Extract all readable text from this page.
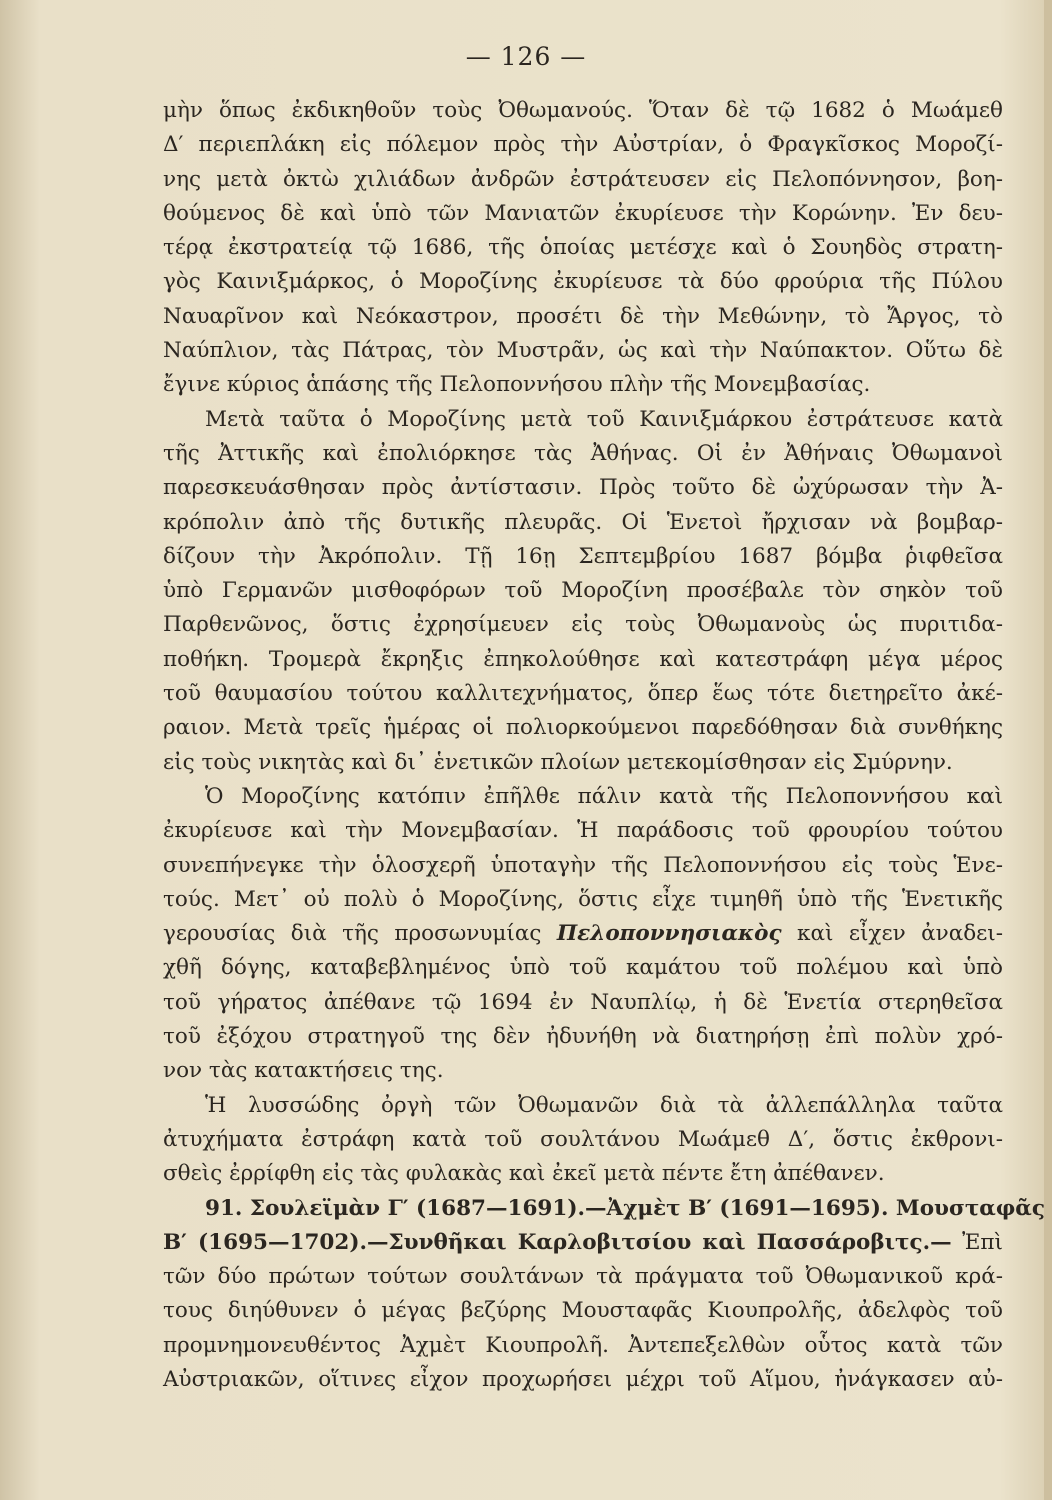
— 126 —
μὴν ὅπως ἐκδικηθοῦν τοὺς Ὀθωμανούς. Ὅταν δὲ τῷ 1682 ὁ Μωάμεθ
Δ′ περιεπλάκη εἰς πόλεμον πρὸς τὴν Αὐστρίαν, ὁ Φραγκῖσκος Μοροζί-
νης μετὰ ὀκτὼ χιλιάδων ἀνδρῶν ἐστράτευσεν εἰς Πελοπόννησον, βοη-
θούμενος δὲ καὶ ὑπὸ τῶν Μανιατῶν ἐκυρίευσε τὴν Κορώνην. Ἐν δευ-
τέρᾳ ἐκστρατείᾳ τῷ 1686, τῆς ὁποίας μετέσχε καὶ ὁ Σουηδὸς στρατη-
γὸς Καινιξμάρκος, ὁ Μοροζίνης ἐκυρίευσε τὰ δύο φρούρια τῆς Πύλου
Ναυαρῖνον καὶ Νεόκαστρον, προσέτι δὲ τὴν Μεθώνην, τὸ Ἄργος, τὸ
Ναύπλιον, τὰς Πάτρας, τὸν Μυστρᾶν, ὡς καὶ τὴν Ναύπακτον. Οὕτω δὲ
ἔγινε κύριος ἁπάσης τῆς Πελοποννήσου πλὴν τῆς Μονεμβασίας.
Μετὰ ταῦτα ὁ Μοροζίνης μετὰ τοῦ Καινιξμάρκου ἐστράτευσε κατὰ
τῆς Ἀττικῆς καὶ ἐπολιόρκησε τὰς Ἀθήνας. Οἱ ἐν Ἀθήναις Ὀθωμανοὶ
παρεσκευάσθησαν πρὸς ἀντίστασιν. Πρὸς τοῦτο δὲ ὠχύρωσαν τὴν Ἀ-
κρόπολιν ἀπὸ τῆς δυτικῆς πλευρᾶς. Οἱ Ἑνετοὶ ἤρχισαν νὰ βομβαρ-
δίζουν τὴν Ἀκρόπολιν. Τῇ 16ῃ Σεπτεμβρίου 1687 βόμβα ῥιφθεῖσα
ὑπὸ Γερμανῶν μισθοφόρων τοῦ Μοροζίνη προσέβαλε τὸν σηκὸν τοῦ
Παρθενῶνος, ὅστις ἐχρησίμευεν εἰς τοὺς Ὀθωμανοὺς ὡς πυριτιδα-
ποθήκη. Τρομερὰ ἔκρηξις ἐπηκολούθησε καὶ κατεστράφη μέγα μέρος
τοῦ θαυμασίου τούτου καλλιτεχνήματος, ὅπερ ἕως τότε διετηρεῖτο ἀκέ-
ραιον. Μετὰ τρεῖς ἡμέρας οἱ πολιορκούμενοι παρεδόθησαν διὰ συνθήκης
εἰς τοὺς νικητὰς καὶ δι᾿ ἑνετικῶν πλοίων μετεκομίσθησαν εἰς Σμύρνην.
Ὁ Μοροζίνης κατόπιν ἐπῆλθε πάλιν κατὰ τῆς Πελοποννήσου καὶ
ἐκυρίευσε καὶ τὴν Μονεμβασίαν. Ἡ παράδοσις τοῦ φρουρίου τούτου
συνεπήνεγκε τὴν ὁλοσχερῆ ὑποταγὴν τῆς Πελοποννήσου εἰς τοὺς Ἑνε-
τούς. Μετ᾿ οὐ πολὺ ὁ Μοροζίνης, ὅστις εἶχε τιμηθῆ ὑπὸ τῆς Ἑνετικῆς
γερουσίας διὰ τῆς προσωνυμίας Πελοποννησιακὸς καὶ εἶχεν ἀναδει-
χθῆ δόγης, καταβεβλημένος ὑπὸ τοῦ καμάτου τοῦ πολέμου καὶ ὑπὸ
τοῦ γήρατος ἀπέθανε τῷ 1694 ἐν Ναυπλίῳ, ἡ δὲ Ἑνετία στερηθεῖσα
τοῦ ἐξόχου στρατηγοῦ της δὲν ἠδυνήθη νὰ διατηρήσῃ ἐπὶ πολὺν χρό-
νον τὰς κατακτήσεις της.
Ἡ λυσσώδης ὀργὴ τῶν Ὀθωμανῶν διὰ τὰ ἀλλεπάλληλα ταῦτα
ἀτυχήματα ἐστράφη κατὰ τοῦ σουλτάνου Μωάμεθ Δ′, ὅστις ἐκθρονι-
σθεὶς ἐρρίφθη εἰς τὰς φυλακὰς καὶ ἐκεῖ μετὰ πέντε ἔτη ἀπέθανεν.
91. Σουλεϊμὰν Γ′ (1687—1691).—Ἀχμὲτ Β′ (1691—1695). Μουσταφᾶς
Β′ (1695—1702).—Συνθῆκαι Καρλοβιτσίου καὶ Πασσάροβιτς.— Ἐπὶ
τῶν δύο πρώτων τούτων σουλτάνων τὰ πράγματα τοῦ Ὀθωμανικοῦ κρά-
τους διηύθυνεν ὁ μέγας βεζύρης Μουσταφᾶς Κιουπρολῆς, ἀδελφὸς τοῦ
προμνημονευθέντος Ἀχμὲτ Κιουπρολῆ. Ἀντεπεξελθὼν οὗτος κατὰ τῶν
Αὐστριακῶν, οἵτινες εἶχον προχωρήσει μέχρι τοῦ Αἵμου, ἠνάγκασεν αὐ-
